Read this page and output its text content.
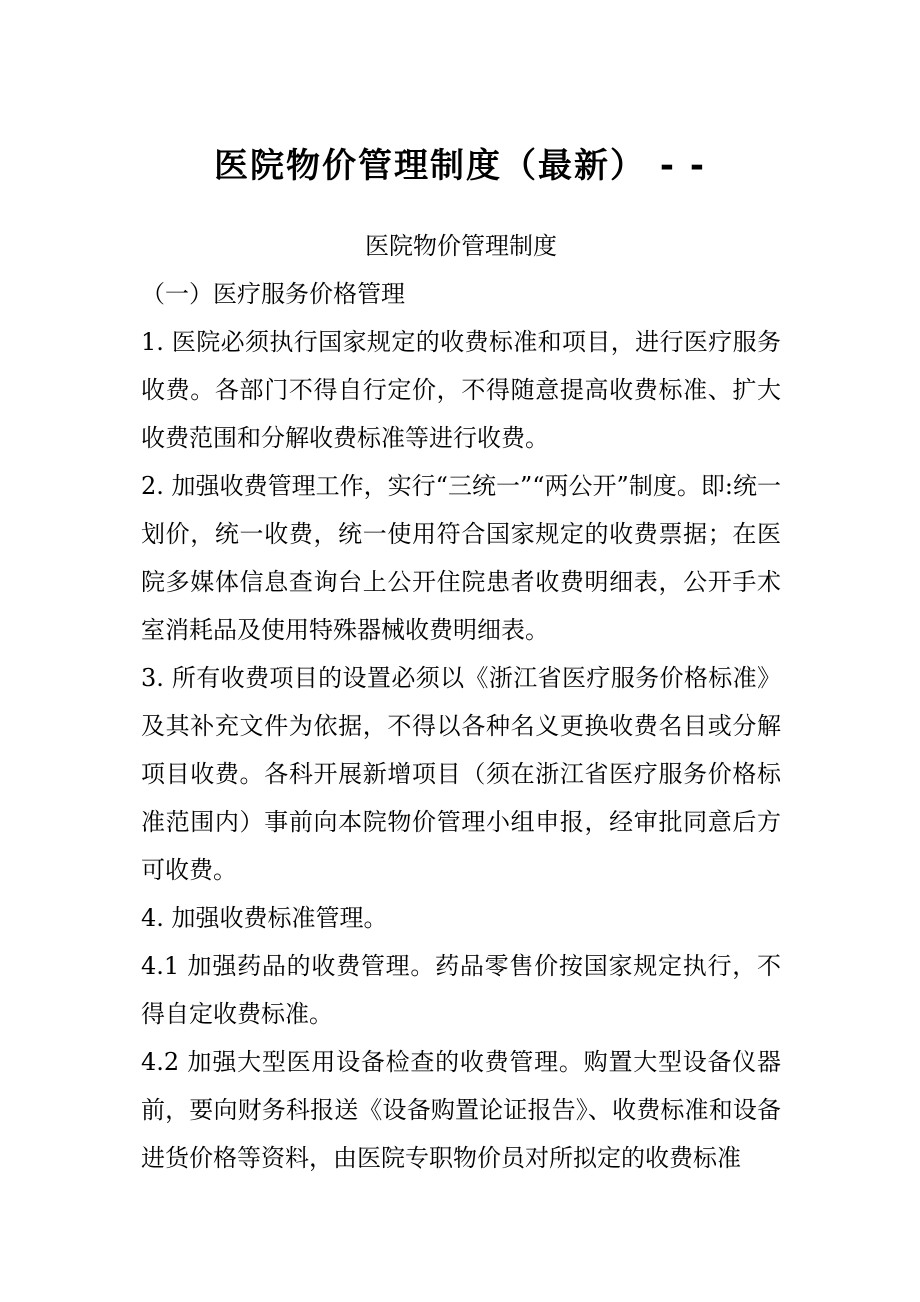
医院物价管理制度（最新） - -

医院物价管理制度

（一）医疗服务价格管理

1. 医院必须执行国家规定的收费标准和项目，进行医疗服务收费。各部门不得自行定价，不得随意提高收费标准、扩大收费范围和分解收费标准等进行收费。

2. 加强收费管理工作，实行“三统一”“两公开”制度。即:统一划价，统一收费，统一使用符合国家规定的收费票据；在医院多媒体信息查询台上公开住院患者收费明细表，公开手术室消耗品及使用特殊器械收费明细表。

3. 所有收费项目的设置必须以《浙江省医疗服务价格标准》及其补充文件为依据，不得以各种名义更换收费名目或分解项目收费。各科开展新增项目（须在浙江省医疗服务价格标准范围内）事前向本院物价管理小组申报，经审批同意后方可收费。

4. 加强收费标准管理。

4.1 加强药品的收费管理。药品零售价按国家规定执行，不得自定收费标准。

4.2 加强大型医用设备检查的收费管理。购置大型设备仪器前，要向财务科报送《设备购置论证报告》、收费标准和设备进货价格等资料，由医院专职物价员对所拟定的收费标准
